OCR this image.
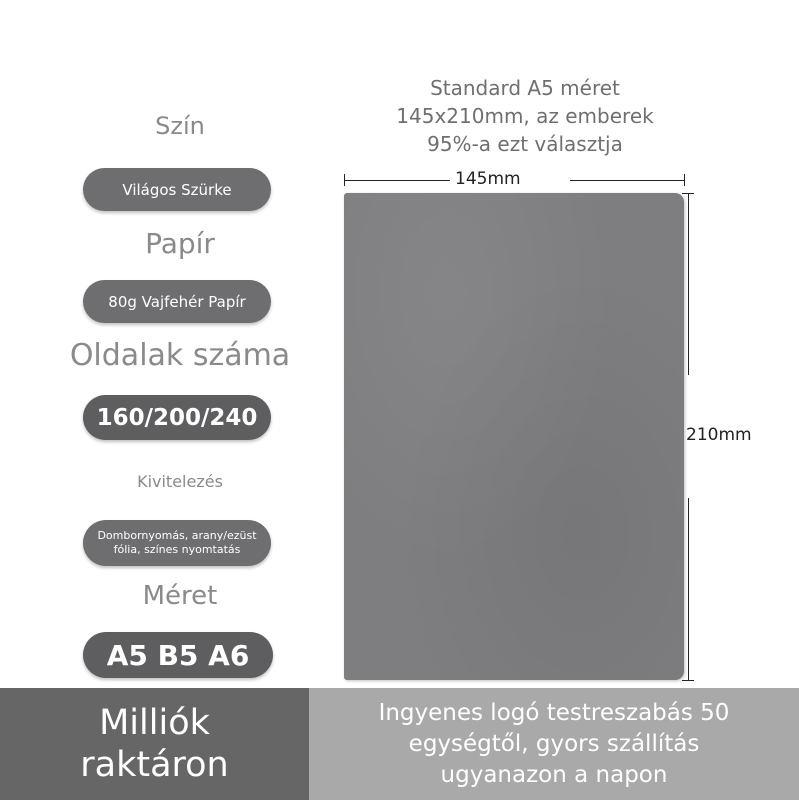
Szín
Világos Szürke
Papír
80g Vajfehér Papír
Oldalak száma
160/200/240
Kivitelezés
Dombornyomás, arany/ezüst
fólia, színes nyomtatás
Méret
A5 B5 A6
Standard A5 méret
145x210mm, az emberek
95%-a ezt választja
145mm
210mm
Milliók
raktáron
Ingyenes logó testreszabás 50
egységtől, gyors szállítás
ugyanazon a napon
